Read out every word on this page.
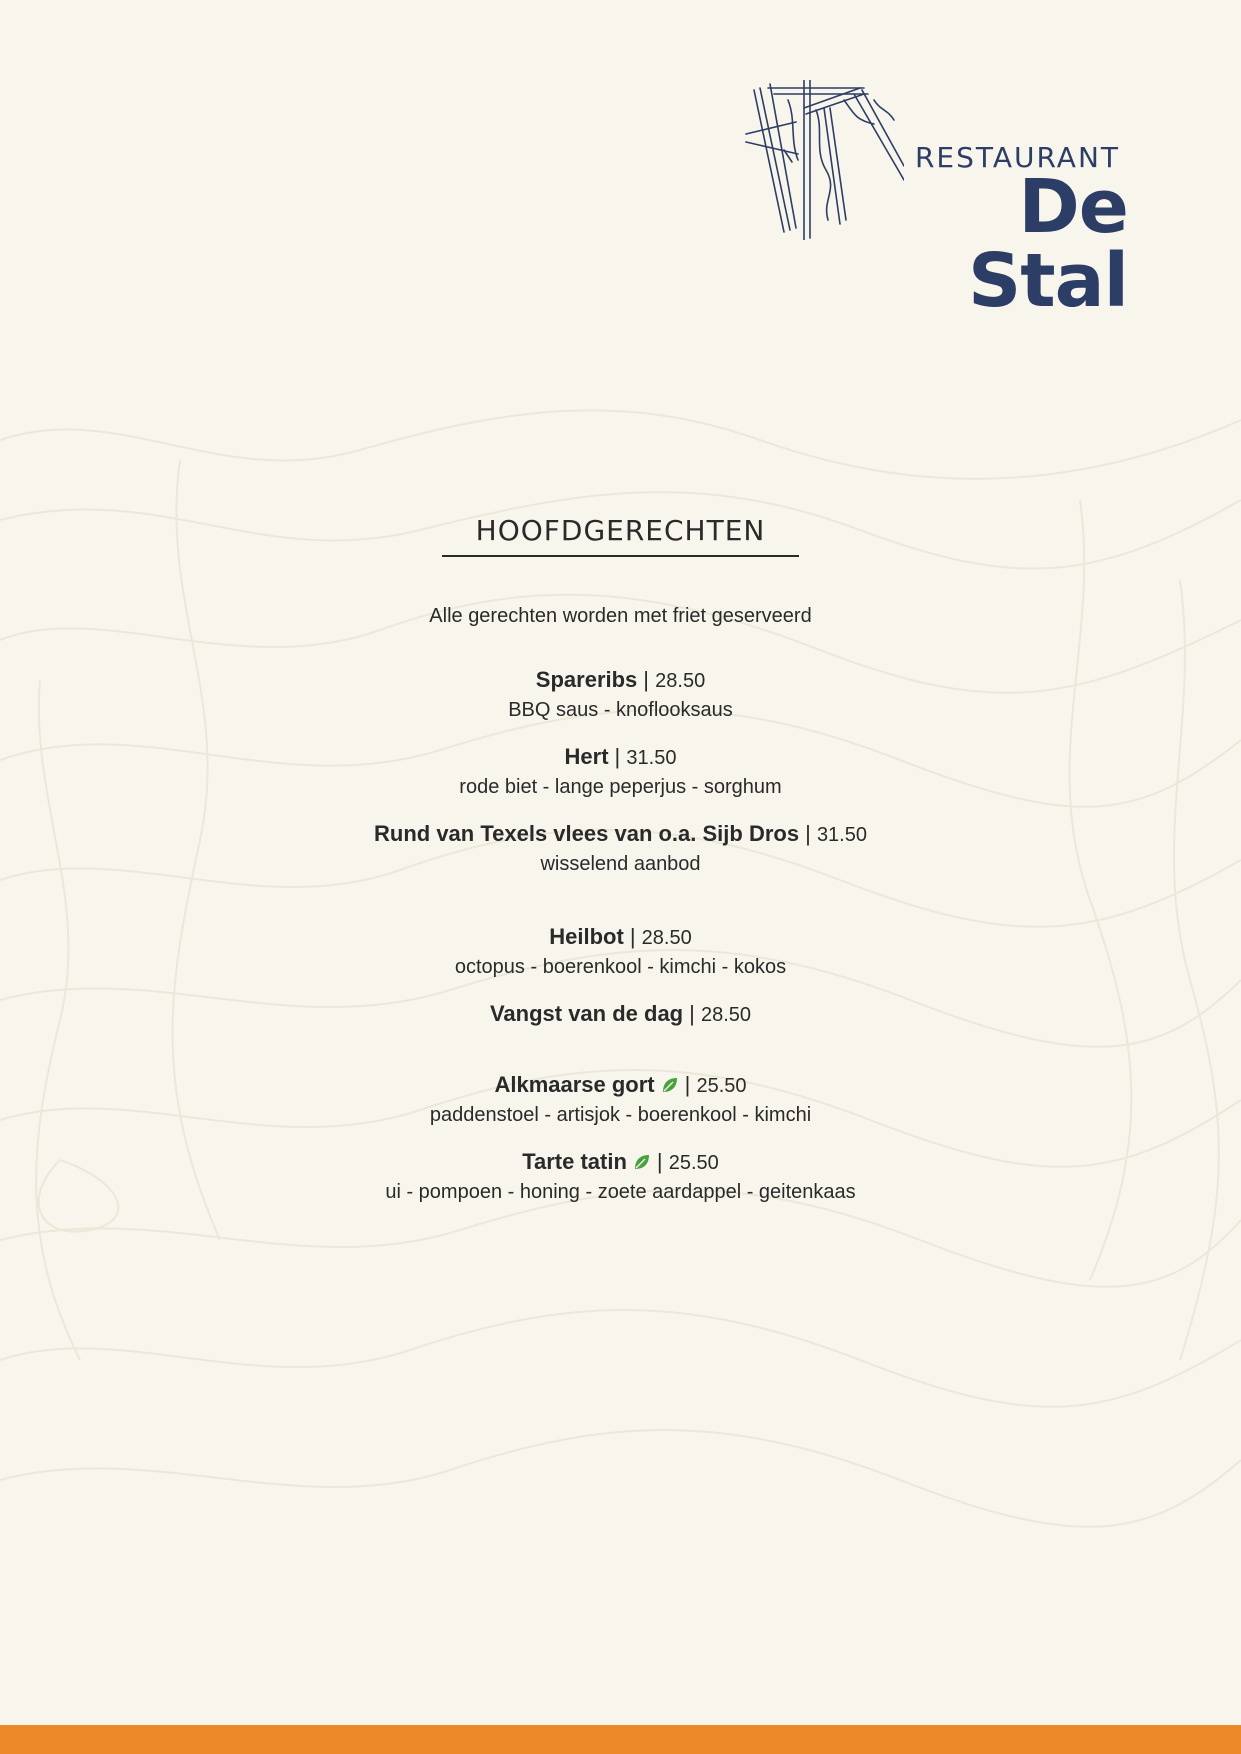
RESTAURANT
De Stal
HOOFDGERECHTEN

Alle gerechten worden met friet geserveerd

Spareribs | 28.50
BBQ saus - knoflooksaus
Hert | 31.50
rode biet - lange peperjus - sorghum
Rund van Texels vlees van o.a. Sijb Dros | 31.50
wisselend aanbod
Heilbot | 28.50
octopus - boerenkool - kimchi - kokos
Vangst van de dag | 28.50
Alkmaarse gort | 25.50
paddenstoel - artisjok - boerenkool - kimchi
Tarte tatin | 25.50
ui - pompoen - honing - zoete aardappel - geitenkaas
